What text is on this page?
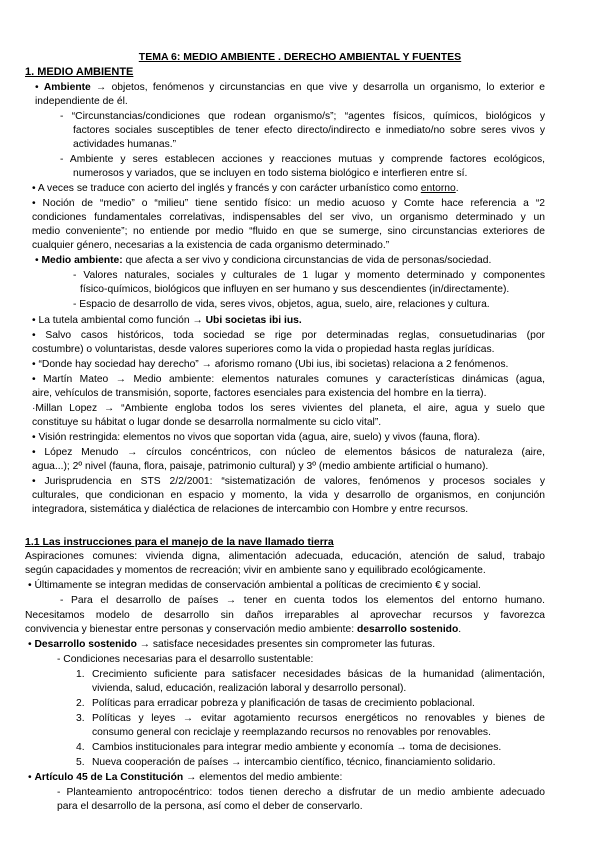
TEMA 6: MEDIO AMBIENTE . DERECHO AMBIENTAL Y FUENTES
1. MEDIO AMBIENTE
• Ambiente → objetos, fenómenos y circunstancias en que vive y desarrolla un organismo, lo exterior e
independiente de él.
- “Circunstancias/condiciones que rodean organismo/s”; “agentes físicos, químicos, biológicos y
factores sociales susceptibles de tener efecto directo/indirecto e inmediato/no sobre seres vivos y
actividades humanas.”
- Ambiente y seres establecen acciones y reacciones mutuas y comprende factores ecológicos,
numerosos y variados, que se incluyen en todo sistema biológico e interfieren entre sí.
• A veces se traduce con acierto del inglés y francés y con carácter urbanístico como entorno.
• Noción de “medio” o “milieu” tiene sentido físico: un medio acuoso y Comte hace referencia a “2
condiciones fundamentales correlativas, indispensables del ser vivo, un organismo determinado y un
medio conveniente”; no entiende por medio “fluido en que se sumerge, sino circunstancias exteriores de
cualquier género, necesarias a la existencia de cada organismo determinado.”
• Medio ambiente: que afecta a ser vivo y condiciona circunstancias de vida de personas/sociedad.
- Valores naturales, sociales y culturales de 1 lugar y momento determinado y componentes
físico-químicos, biológicos que influyen en ser humano y sus descendientes (in/directamente).
- Espacio de desarrollo de vida, seres vivos, objetos, agua, suelo, aire, relaciones y cultura.
• La tutela ambiental como función → Ubi societas ibi ius.
• Salvo casos históricos, toda sociedad se rige por determinadas reglas, consuetudinarias (por
costumbre) o voluntaristas, desde valores superiores como la vida o propiedad hasta reglas jurídicas.
• “Donde hay sociedad hay derecho” → aforismo romano (Ubi ius, ibi societas) relaciona a 2 fenómenos.
• Martín Mateo → Medio ambiente: elementos naturales comunes y características dinámicas (agua,
aire, vehículos de transmisión, soporte, factores esenciales para existencia del hombre en la tierra).
·Millan Lopez → “Ambiente engloba todos los seres vivientes del planeta, el aire, agua y suelo que
constituye su hábitat o lugar donde se desarrolla normalmente su ciclo vital”.
• Visión restringida: elementos no vivos que soportan vida (agua, aire, suelo) y vivos (fauna, flora).
• López Menudo → círculos concéntricos, con núcleo de elementos básicos de naturaleza (aire,
agua...); 2º nivel (fauna, flora, paisaje, patrimonio cultural) y 3º (medio ambiente artificial o humano).
• Jurisprudencia en STS 2/2/2001: “sistematización de valores, fenómenos y procesos sociales y
culturales, que condicionan en espacio y momento, la vida y desarrollo de organismos, en conjunción
integradora, sistemática y dialéctica de relaciones de intercambio con Hombre y entre recursos.
1.1 Las instrucciones para el manejo de la nave llamado tierra
Aspiraciones comunes: vivienda digna, alimentación adecuada, educación, atención de salud, trabajo
según capacidades y momentos de recreación; vivir en ambiente sano y equilibrado ecológicamente.
• Últimamente se integran medidas de conservación ambiental a políticas de crecimiento € y social.
- Para el desarrollo de países → tener en cuenta todos los elementos del entorno humano.
Necesitamos modelo de desarrollo sin daños irreparables al aprovechar recursos y favorezca
convivencia y bienestar entre personas y conservación medio ambiente: desarrollo sostenido.
• Desarrollo sostenido → satisface necesidades presentes sin comprometer las futuras.
- Condiciones necesarias para el desarrollo sustentable:
1. Crecimiento suficiente para satisfacer necesidades básicas de la humanidad (alimentación,
vivienda, salud, educación, realización laboral y desarrollo personal).
2. Políticas para erradicar pobreza y planificación de tasas de crecimiento poblacional.
3. Políticas y leyes → evitar agotamiento recursos energéticos no renovables y bienes de
consumo general con reciclaje y reemplazando recursos no renovables por renovables.
4. Cambios institucionales para integrar medio ambiente y economía → toma de decisiones.
5. Nueva cooperación de países → intercambio científico, técnico, financiamiento solidario.
• Artículo 45 de La Constitución → elementos del medio ambiente:
- Planteamiento antropocéntrico: todos tienen derecho a disfrutar de un medio ambiente adecuado
para el desarrollo de la persona, así como el deber de conservarlo.
